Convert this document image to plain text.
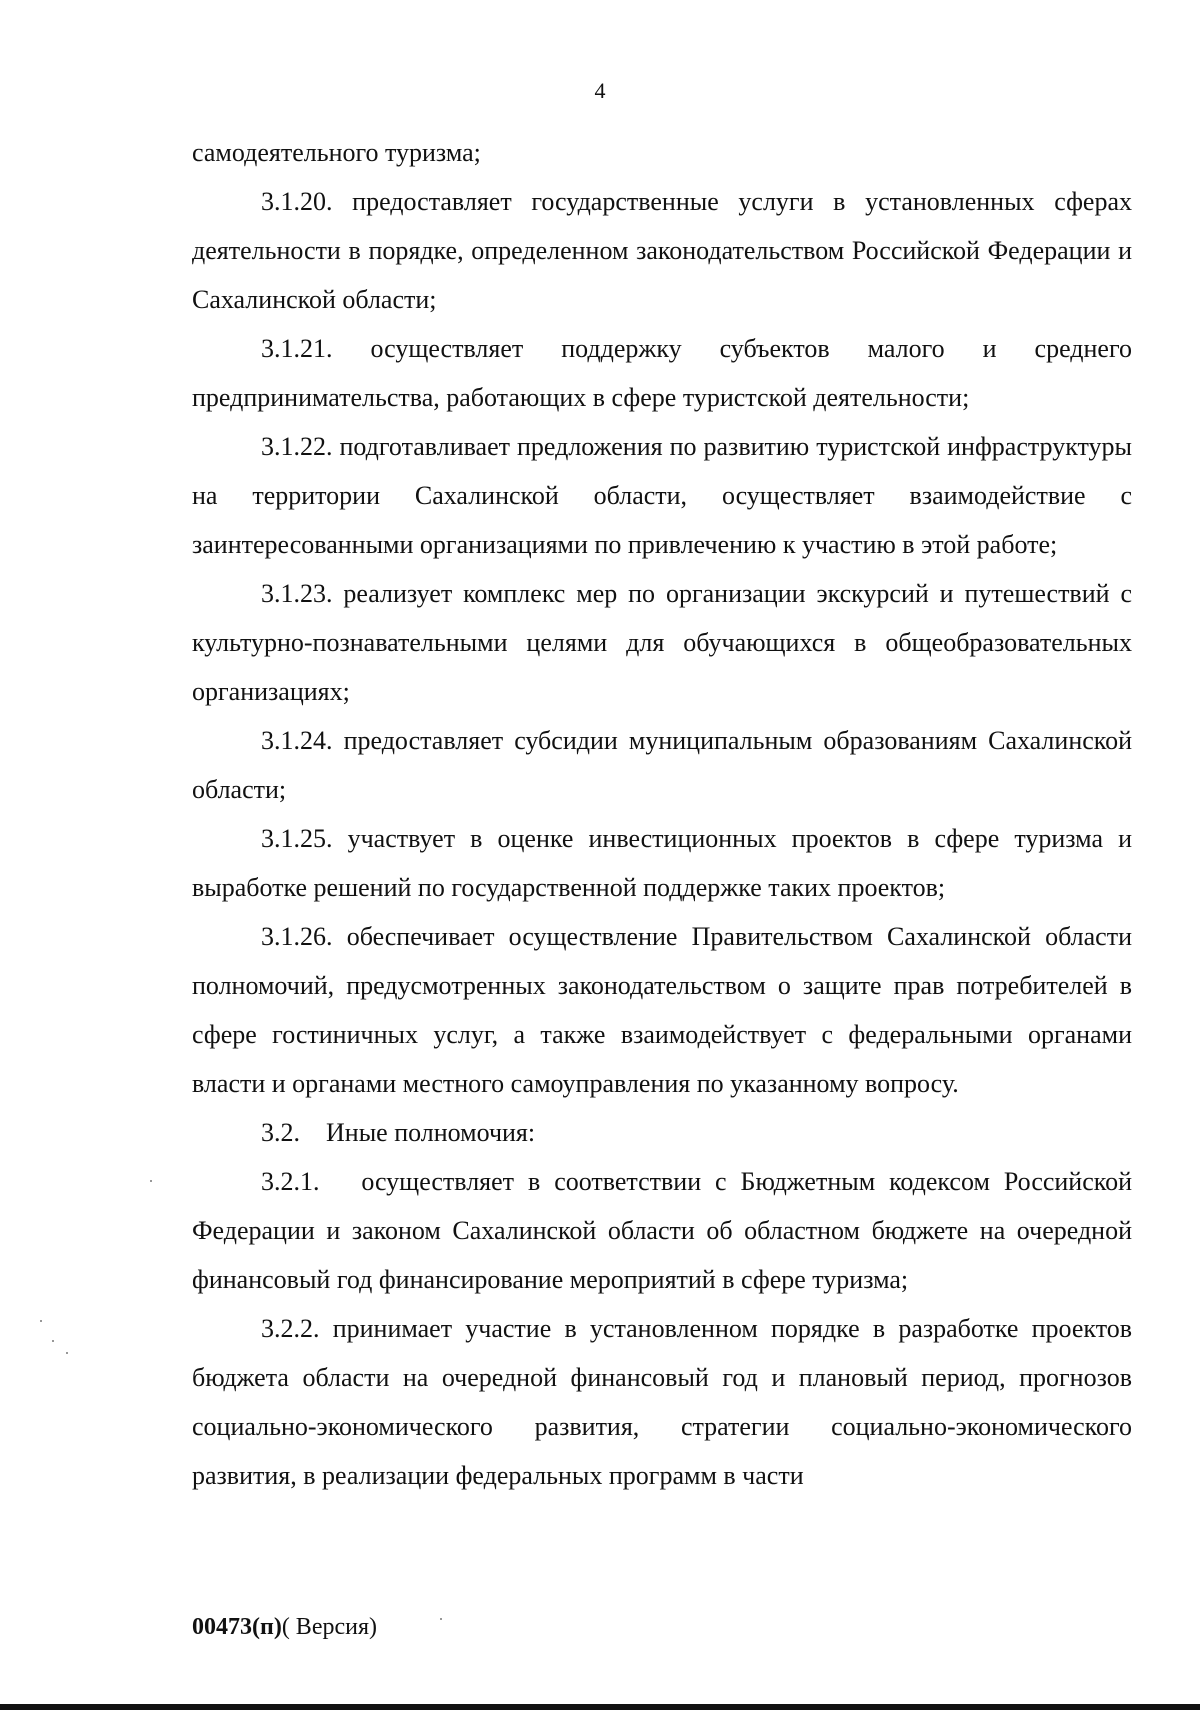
4

самодеятельного туризма;

3.1.20. предоставляет государственные услуги в установленных сферах деятельности в порядке, определенном законодательством Российской Федерации и Сахалинской области;

3.1.21. осуществляет поддержку субъектов малого и среднего предпринимательства, работающих в сфере туристской деятельности;

3.1.22. подготавливает предложения по развитию туристской инфраструктуры на территории Сахалинской области, осуществляет взаимодействие с заинтересованными организациями по привлечению к участию в этой работе;

3.1.23. реализует комплекс мер по организации экскурсий и путешествий с культурно-познавательными целями для обучающихся в общеобразовательных организациях;

3.1.24. предоставляет субсидии муниципальным образованиям Сахалинской области;

3.1.25. участвует в оценке инвестиционных проектов в сфере туризма и выработке решений по государственной поддержке таких проектов;

3.1.26. обеспечивает осуществление Правительством Сахалинской области полномочий, предусмотренных законодательством о защите прав потребителей в сфере гостиничных услуг, а также взаимодействует с федеральными органами власти и органами местного самоуправления по указанному вопросу.

3.2.    Иные полномочия:

3.2.1.   осуществляет в соответствии с Бюджетным кодексом Российской Федерации и законом Сахалинской области об областном бюджете на очередной финансовый год финансирование мероприятий в сфере туризма;

3.2.2. принимает участие в установленном порядке в разработке проектов бюджета области на очередной финансовый год и плановый период, прогнозов социально-экономического развития, стратегии социально-экономического развития, в реализации федеральных программ в части

00473(п)( Версия)
